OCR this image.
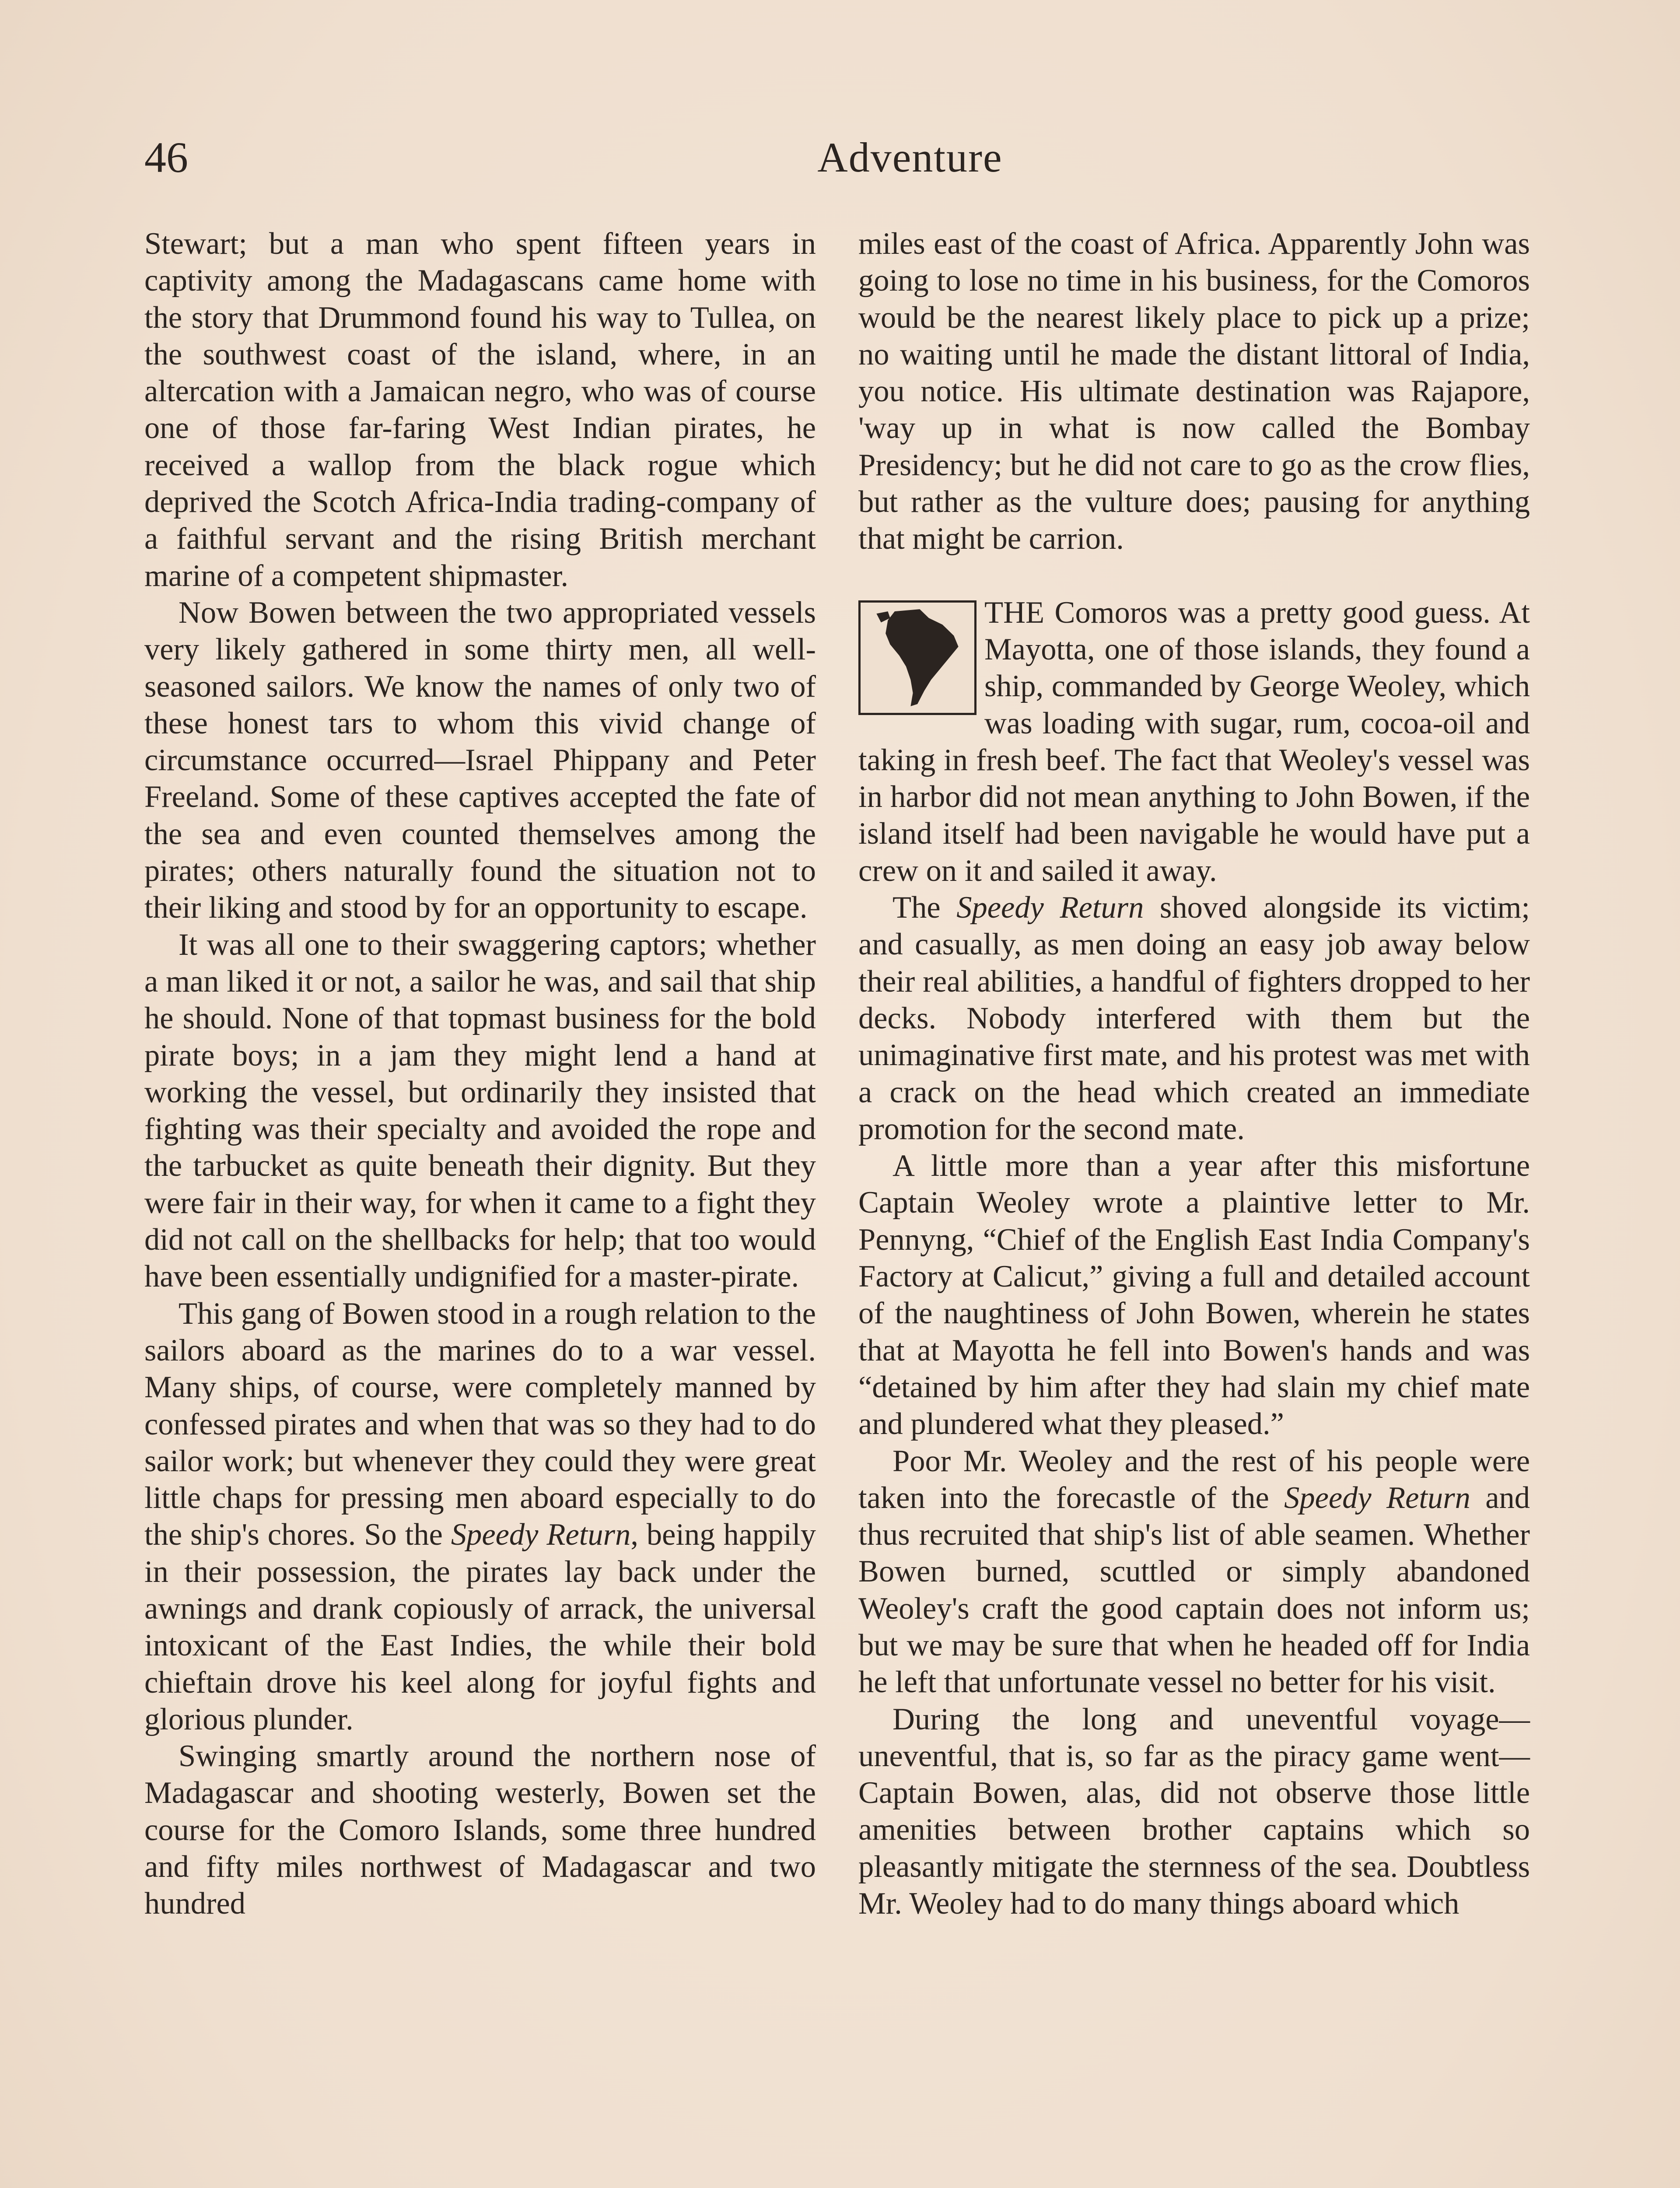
46	Adventure

Stewart; but a man who spent fifteen years in captivity among the Madagascans came home with the story that Drummond found his way to Tullea, on the southwest coast of the island, where, in an altercation with a Jamaican negro, who was of course one of those far-faring West Indian pirates, he received a wallop from the black rogue which deprived the Scotch Africa-India trading-company of a faithful servant and the rising British merchant marine of a competent shipmaster.

Now Bowen between the two appropriated vessels very likely gathered in some thirty men, all well-seasoned sailors. We know the names of only two of these honest tars to whom this vivid change of circumstance occurred—Israel Phippany and Peter Freeland. Some of these captives accepted the fate of the sea and even counted themselves among the pirates; others naturally found the situation not to their liking and stood by for an opportunity to escape.

It was all one to their swaggering captors; whether a man liked it or not, a sailor he was, and sail that ship he should. None of that topmast business for the bold pirate boys; in a jam they might lend a hand at working the vessel, but ordinarily they insisted that fighting was their specialty and avoided the rope and the tarbucket as quite beneath their dignity. But they were fair in their way, for when it came to a fight they did not call on the shellbacks for help; that too would have been essentially undignified for a master-pirate.

This gang of Bowen stood in a rough relation to the sailors aboard as the marines do to a war vessel. Many ships, of course, were completely manned by confessed pirates and when that was so they had to do sailor work; but whenever they could they were great little chaps for pressing men aboard especially to do the ship's chores. So the Speedy Return, being happily in their possession, the pirates lay back under the awnings and drank copiously of arrack, the universal intoxicant of the East Indies, the while their bold chieftain drove his keel along for joyful fights and glorious plunder.

Swinging smartly around the northern nose of Madagascar and shooting westerly, Bowen set the course for the Comoro Islands, some three hundred and fifty miles northwest of Madagascar and two hundred

miles east of the coast of Africa. Apparently John was going to lose no time in his business, for the Comoros would be the nearest likely place to pick up a prize; no waiting until he made the distant littoral of India, you notice. His ultimate destination was Rajapore, 'way up in what is now called the Bombay Presidency; but he did not care to go as the crow flies, but rather as the vulture does; pausing for anything that might be carrion.

THE Comoros was a pretty good guess. At Mayotta, one of those islands, they found a ship, commanded by George Weoley, which was loading with sugar, rum, cocoa-oil and taking in fresh beef. The fact that Weoley's vessel was in harbor did not mean anything to John Bowen, if the island itself had been navigable he would have put a crew on it and sailed it away.

The Speedy Return shoved alongside its victim; and casually, as men doing an easy job away below their real abilities, a handful of fighters dropped to her decks. Nobody interfered with them but the unimaginative first mate, and his protest was met with a crack on the head which created an immediate promotion for the second mate.

A little more than a year after this misfortune Captain Weoley wrote a plaintive letter to Mr. Pennyng, “Chief of the English East India Company's Factory at Calicut,” giving a full and detailed account of the naughtiness of John Bowen, wherein he states that at Mayotta he fell into Bowen's hands and was “detained by him after they had slain my chief mate and plundered what they pleased.”

Poor Mr. Weoley and the rest of his people were taken into the forecastle of the Speedy Return and thus recruited that ship's list of able seamen. Whether Bowen burned, scuttled or simply abandoned Weoley's craft the good captain does not inform us; but we may be sure that when he headed off for India he left that unfortunate vessel no better for his visit.

During the long and uneventful voyage—uneventful, that is, so far as the piracy game went—Captain Bowen, alas, did not observe those little amenities between brother captains which so pleasantly mitigate the sternness of the sea. Doubtless Mr. Weoley had to do many things aboard which
